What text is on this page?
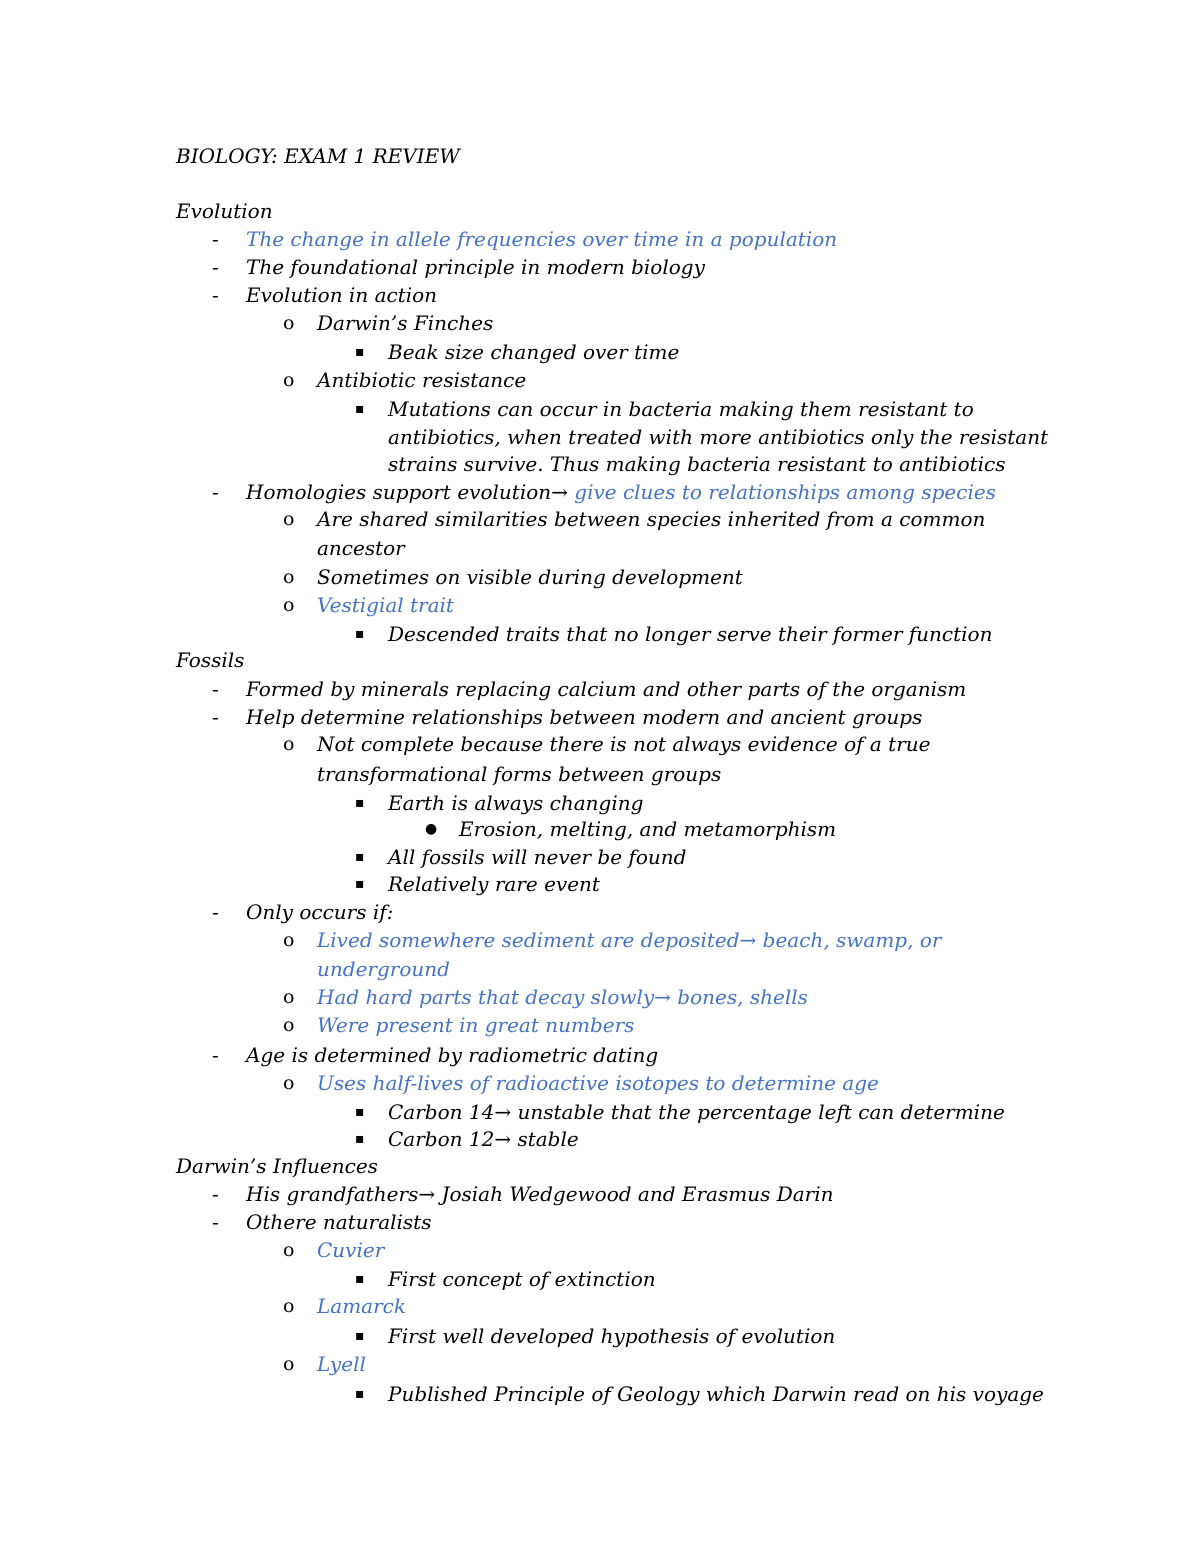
BIOLOGY: EXAM 1 REVIEW
Evolution
-	The change in allele frequencies over time in a population
-	The foundational principle in modern biology
-	Evolution in action
o	Darwin’s Finches
▪	Beak size changed over time
o	Antibiotic resistance
▪	Mutations can occur in bacteria making them resistant to
antibiotics, when treated with more antibiotics only the resistant
strains survive. Thus making bacteria resistant to antibiotics
-	Homologies support evolution→ give clues to relationships among species
o	Are shared similarities between species inherited from a common
ancestor
o	Sometimes on visible during development
o	Vestigial trait
▪	Descended traits that no longer serve their former function
Fossils
-	Formed by minerals replacing calcium and other parts of the organism
-	Help determine relationships between modern and ancient groups
o	Not complete because there is not always evidence of a true
transformational forms between groups
▪	Earth is always changing
●	Erosion, melting, and metamorphism
▪	All fossils will never be found
▪	Relatively rare event
-	Only occurs if:
o	Lived somewhere sediment are deposited→ beach, swamp, or
underground
o	Had hard parts that decay slowly→ bones, shells
o	Were present in great numbers
-	Age is determined by radiometric dating
o	Uses half-lives of radioactive isotopes to determine age
▪	Carbon 14→ unstable that the percentage left can determine
▪	Carbon 12→ stable
Darwin’s Influences
-	His grandfathers→ Josiah Wedgewood and Erasmus Darin
-	Othere naturalists
o	Cuvier
▪	First concept of extinction
o	Lamarck
▪	First well developed hypothesis of evolution
o	Lyell
▪	Published Principle of Geology which Darwin read on his voyage
